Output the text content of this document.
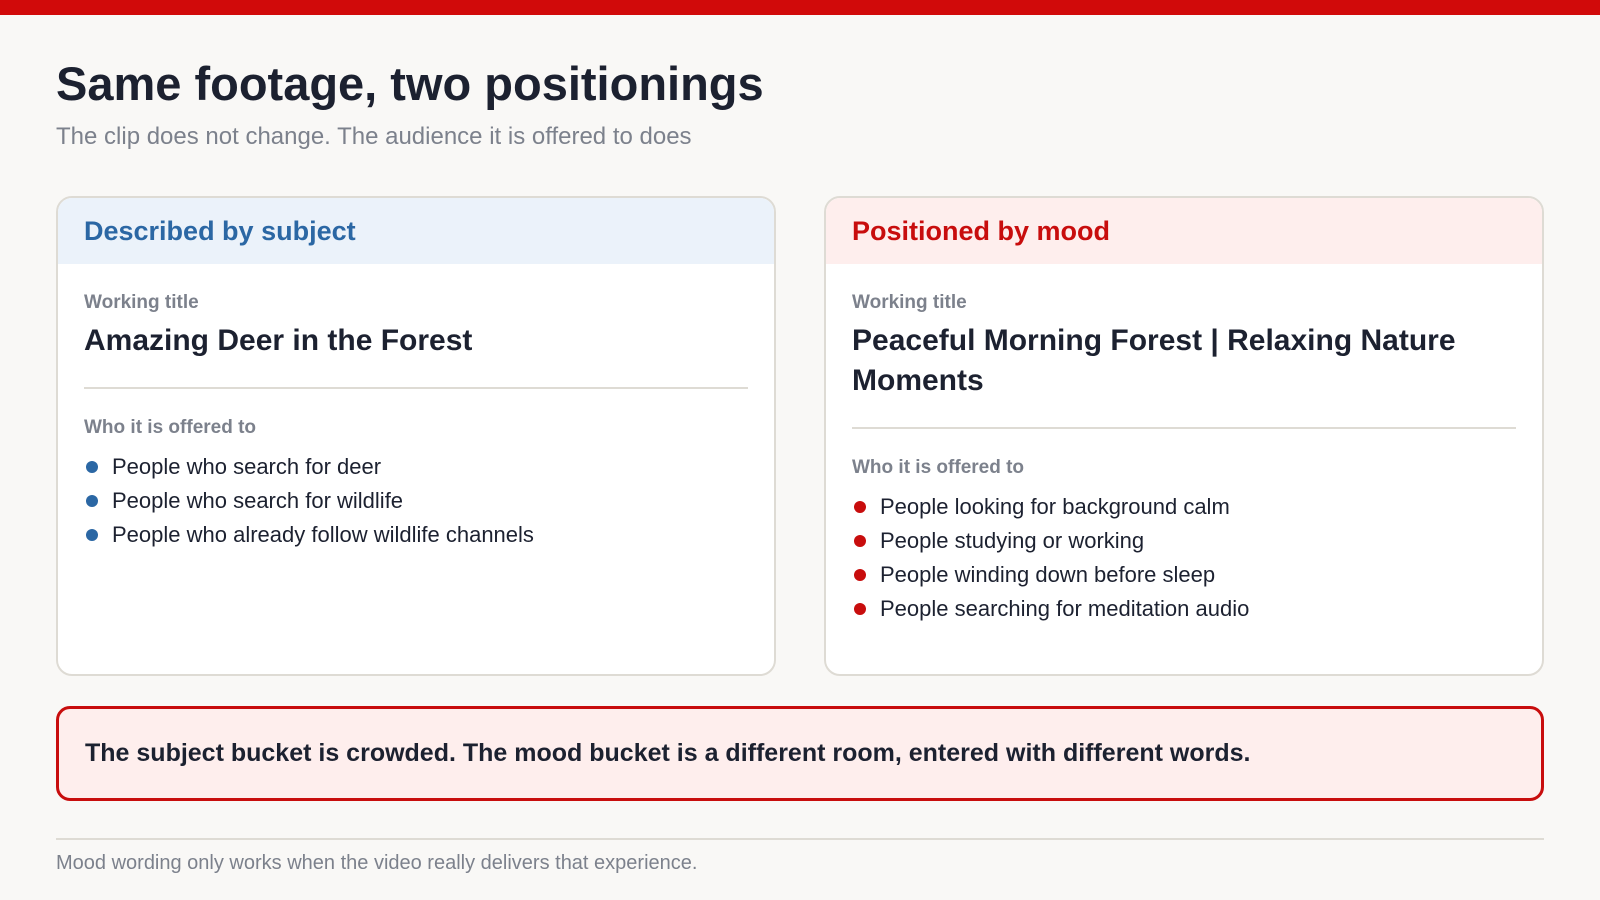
Same footage, two positionings
The clip does not change. The audience it is offered to does
Described by subject
Working title
Amazing Deer in the Forest
Who it is offered to
People who search for deer
People who search for wildlife
People who already follow wildlife channels
Positioned by mood
Working title
Peaceful Morning Forest | Relaxing Nature Moments
Who it is offered to
People looking for background calm
People studying or working
People winding down before sleep
People searching for meditation audio
The subject bucket is crowded. The mood bucket is a different room, entered with different words.
Mood wording only works when the video really delivers that experience.
